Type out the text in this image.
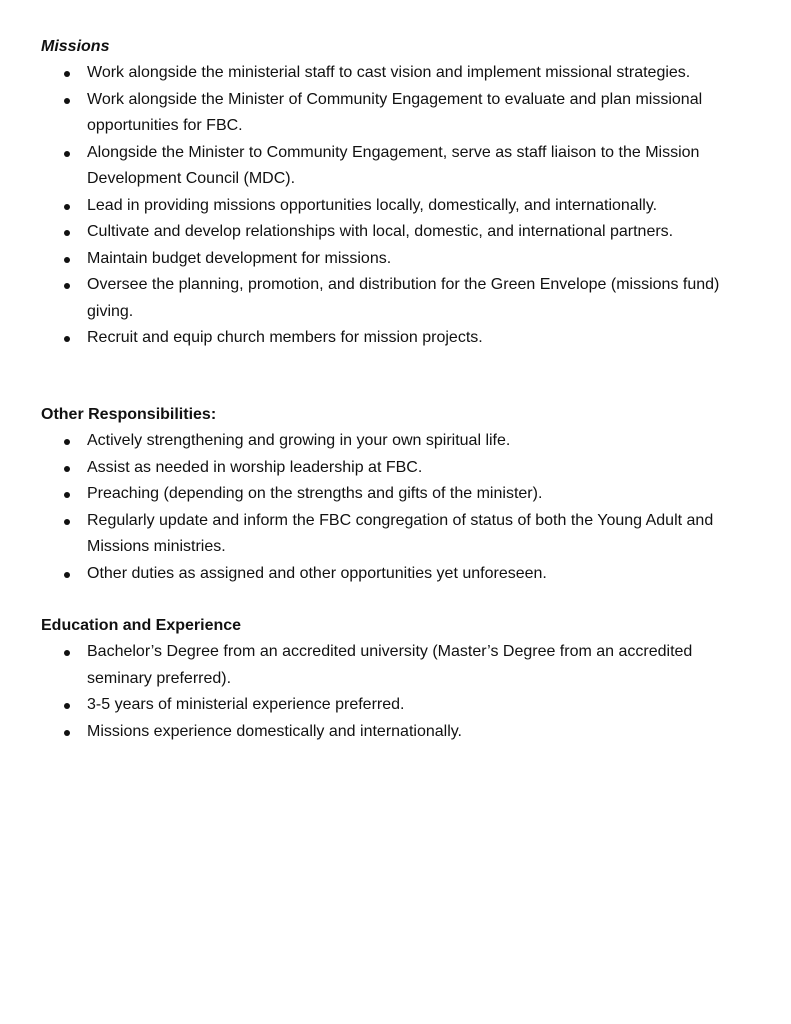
Missions

Work alongside the ministerial staff to cast vision and implement missional strategies.
Work alongside the Minister of Community Engagement to evaluate and plan missional opportunities for FBC.
Alongside the Minister to Community Engagement, serve as staff liaison to the Mission Development Council (MDC).
Lead in providing missions opportunities locally, domestically, and internationally.
Cultivate and develop relationships with local, domestic, and international partners.
Maintain budget development for missions.
Oversee the planning, promotion, and distribution for the Green Envelope (missions fund) giving.
Recruit and equip church members for mission projects.

Other Responsibilities:

Actively strengthening and growing in your own spiritual life.
Assist as needed in worship leadership at FBC.
Preaching (depending on the strengths and gifts of the minister).
Regularly update and inform the FBC congregation of status of both the Young Adult and Missions ministries.
Other duties as assigned and other opportunities yet unforeseen.

Education and Experience

Bachelor’s Degree from an accredited university (Master’s Degree from an accredited seminary preferred).
3-5 years of ministerial experience preferred.
Missions experience domestically and internationally.
